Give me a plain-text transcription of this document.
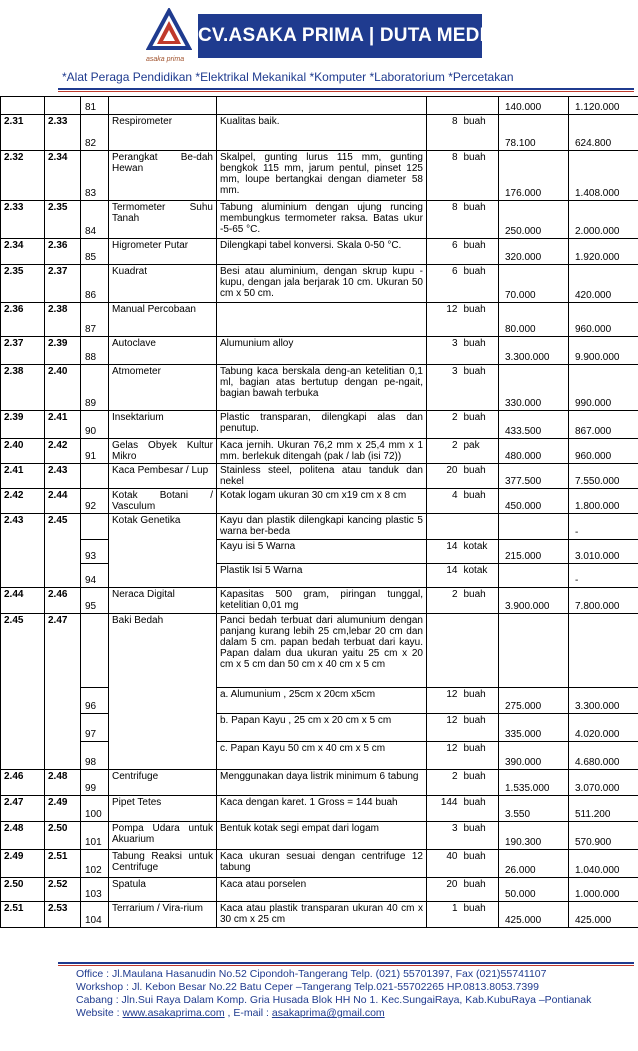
asaka prima
CV.ASAKA PRIMA | DUTA MEDIA GROUP
*Alat Peraga Pendidikan *Elektrikal Mekanikal *Komputer *Laboratorium *Percetakan
		81					140.000	1.120.000
2.31	2.33	82	Respirometer	Kualitas baik.	8	buah	78.100	624.800
2.32	2.34	83	Perangkat Be-dah Hewan	Skalpel, gunting lurus 115 mm, gunting bengkok 115 mm, jarum pentul, pinset 125 mm, loupe bertangkai dengan diameter 58 mm.	8	buah	176.000	1.408.000
2.33	2.35	84	Termometer Suhu Tanah	Tabung aluminium dengan ujung runcing membungkus termometer raksa. Batas ukur -5-65 °C.	8	buah	250.000	2.000.000
2.34	2.36	85	Higrometer Putar	Dilengkapi tabel konversi. Skala 0-50 °C.	6	buah	320.000	1.920.000
2.35	2.37	86	Kuadrat	Besi atau aluminium, dengan skrup kupu - kupu, dengan jala berjarak 10 cm. Ukuran 50 cm x 50 cm.	6	buah	70.000	420.000
2.36	2.38	87	Manual Percobaan		12	buah	80.000	960.000
2.37	2.39	88	Autoclave	Alumunium alloy	3	buah	3.300.000	9.900.000
2.38	2.40	89	Atmometer	Tabung kaca berskala deng-an ketelitian 0,1 ml, bagian atas bertutup dengan pe-ngait, bagian bawah terbuka	3	buah	330.000	990.000
2.39	2.41	90	Insektarium	Plastic transparan, dilengkapi alas dan penutup.	2	buah	433.500	867.000
2.40	2.42	91	Gelas Obyek Kultur Mikro	Kaca jernih. Ukuran 76,2 mm x 25,4 mm x 1 mm. berlekuk ditengah (pak / lab (isi 72))	2	pak	480.000	960.000
2.41	2.43		Kaca Pembesar / Lup	Stainless steel, politena atau tanduk dan nekel	20	buah	377.500	7.550.000
2.42	2.44	92	Kotak Botani / Vasculum	Kotak logam ukuran 30 cm x19 cm x 8 cm	4	buah	450.000	1.800.000
2.43	2.45		Kotak Genetika	Kayu dan plastik dilengkapi kancing plastic 5 warna ber-beda				-
		93		Kayu isi 5 Warna	14	kotak	215.000	3.010.000
		94		Plastik Isi 5 Warna	14	kotak		-
2.44	2.46	95	Neraca Digital	Kapasitas 500 gram, piringan tunggal, ketelitian 0,01 mg	2	buah	3.900.000	7.800.000
2.45	2.47		Baki Bedah	Panci bedah terbuat dari alumunium dengan panjang kurang lebih 25 cm,lebar 20 cm dan dalam 5 cm. papan bedah terbuat dari kayu. Papan dalam dua ukuran yaitu 25 cm x 20 cm x 5 cm dan 50 cm x 40 cm x 5 cm				
		96		a. Alumunium , 25cm x 20cm x5cm	12	buah	275.000	3.300.000
		97		b. Papan Kayu , 25 cm x 20 cm x 5 cm	12	buah	335.000	4.020.000
		98		c. Papan Kayu 50 cm x 40 cm x 5 cm	12	buah	390.000	4.680.000
2.46	2.48	99	Centrifuge	Menggunakan daya listrik minimum 6 tabung	2	buah	1.535.000	3.070.000
2.47	2.49	100	Pipet Tetes	Kaca dengan karet. 1 Gross = 144 buah	144	buah	3.550	511.200
2.48	2.50	101	Pompa Udara untuk Akuarium	Bentuk kotak segi empat dari logam	3	buah	190.300	570.900
2.49	2.51	102	Tabung Reaksi untuk Centrifuge	Kaca ukuran sesuai dengan centrifuge 12 tabung	40	buah	26.000	1.040.000
2.50	2.52	103	Spatula	Kaca atau porselen	20	buah	50.000	1.000.000
2.51	2.53	104	Terrarium / Vira-rium	Kaca atau plastik transparan ukuran 40 cm x 30 cm x 25 cm	1	buah	425.000	425.000
Office : Jl.Maulana Hasanudin No.52 Cipondoh-Tangerang Telp. (021) 55701397, Fax (021)55741107
Workshop : Jl. Kebon Besar No.22 Batu Ceper –Tangerang Telp.021-55702265 HP.0813.8053.7399
Cabang : Jln.Sui Raya Dalam Komp. Gria Husada Blok HH No 1. Kec.SungaiRaya, Kab.KubuRaya –Pontianak
Website : www.asakaprima.com , E-mail : asakaprima@gmail.com
